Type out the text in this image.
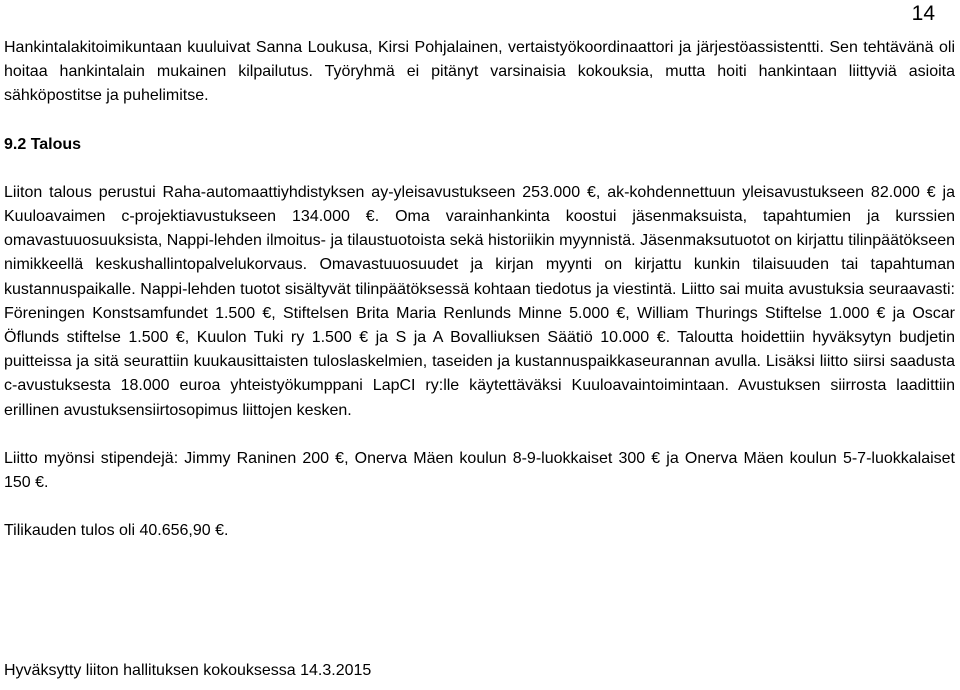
14

Hankintalakitoimikuntaan kuuluivat Sanna Loukusa, Kirsi Pohjalainen, vertaistyökoordinaattori ja järjestöassistentti. Sen tehtävänä oli hoitaa hankintalain mukainen kilpailutus. Työryhmä ei pitänyt varsinaisia kokouksia, mutta hoiti hankintaan liittyviä asioita sähköpostitse ja puhelimitse.

9.2 Talous

Liiton talous perustui Raha-automaattiyhdistyksen ay-yleisavustukseen 253.000 €, ak-kohdennettuun yleisavustukseen 82.000 € ja Kuuloavaimen c-projektiavustukseen 134.000 €. Oma varainhankinta koostui jäsenmaksuista, tapahtumien ja kurssien omavastuuosuuksista, Nappi-lehden ilmoitus- ja tilaustuotoista sekä historiikin myynnistä. Jäsenmaksutuotot on kirjattu tilinpäätökseen nimikkeellä keskushallintopalvelukorvaus. Omavastuuosuudet ja kirjan myynti on kirjattu kunkin tilaisuuden tai tapahtuman kustannuspaikalle. Nappi-lehden tuotot sisältyvät tilinpäätöksessä kohtaan tiedotus ja viestintä. Liitto sai muita avustuksia seuraavasti: Föreningen Konstsamfundet 1.500 €, Stiftelsen Brita Maria Renlunds Minne 5.000 €, William Thurings Stiftelse 1.000 € ja Oscar Öflunds stiftelse 1.500 €, Kuulon Tuki ry 1.500 € ja S ja A Bovalliuksen Säätiö 10.000 €. Taloutta hoidettiin hyväksytyn budjetin puitteissa ja sitä seurattiin kuukausittaisten tuloslaskelmien, taseiden ja kustannuspaikkaseurannan avulla. Lisäksi liitto siirsi saadusta c-avustuksesta 18.000 euroa yhteistyökumppani LapCI ry:lle käytettäväksi Kuuloavaintoimintaan. Avustuksen siirrosta laadittiin erillinen avustuksensiirtosopimus liittojen kesken.

Liitto myönsi stipendejä: Jimmy Raninen 200 €, Onerva Mäen koulun 8-9-luokkaiset 300 € ja Onerva Mäen koulun 5-7-luokkalaiset 150 €.

Tilikauden tulos oli 40.656,90 €.

Hyväksytty liiton hallituksen kokouksessa 14.3.2015
